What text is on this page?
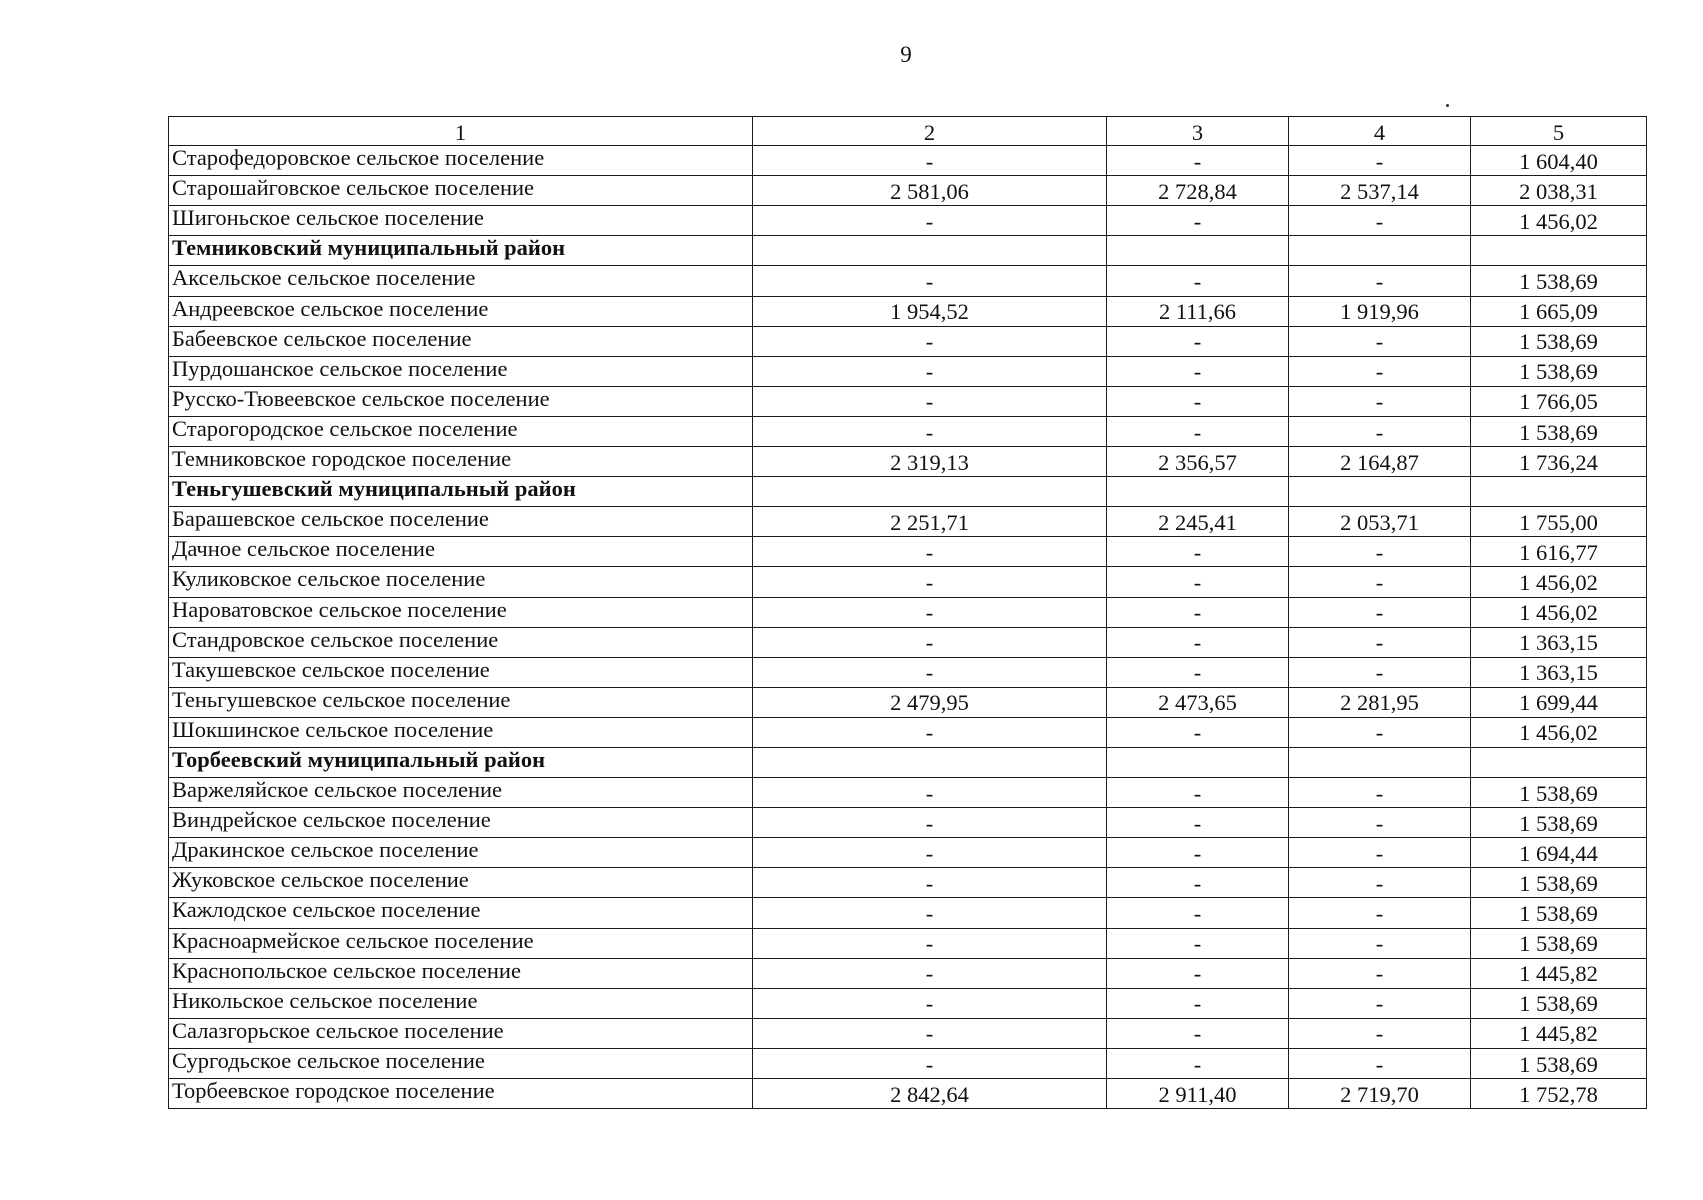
9
1	2	3	4	5
Старофедоровское сельское поселение	-	-	-	1 604,40
Старошайговское сельское поселение	2 581,06	2 728,84	2 537,14	2 038,31
Шигоньское сельское поселение	-	-	-	1 456,02
Темниковский муниципальный район				
Аксельское сельское поселение	-	-	-	1 538,69
Андреевское сельское поселение	1 954,52	2 111,66	1 919,96	1 665,09
Бабеевское сельское поселение	-	-	-	1 538,69
Пурдошанское сельское поселение	-	-	-	1 538,69
Русско-Тювеевское сельское поселение	-	-	-	1 766,05
Старогородское сельское поселение	-	-	-	1 538,69
Темниковское городское поселение	2 319,13	2 356,57	2 164,87	1 736,24
Теньгушевский муниципальный район				
Барашевское сельское поселение	2 251,71	2 245,41	2 053,71	1 755,00
Дачное сельское поселение	-	-	-	1 616,77
Куликовское сельское поселение	-	-	-	1 456,02
Нароватовское сельское поселение	-	-	-	1 456,02
Стандровское сельское поселение	-	-	-	1 363,15
Такушевское сельское поселение	-	-	-	1 363,15
Теньгушевское сельское поселение	2 479,95	2 473,65	2 281,95	1 699,44
Шокшинское сельское поселение	-	-	-	1 456,02
Торбеевский муниципальный район				
Варжеляйское сельское поселение	-	-	-	1 538,69
Виндрейское сельское поселение	-	-	-	1 538,69
Дракинское сельское поселение	-	-	-	1 694,44
Жуковское сельское поселение	-	-	-	1 538,69
Кажлодское сельское поселение	-	-	-	1 538,69
Красноармейское сельское поселение	-	-	-	1 538,69
Краснопольское сельское поселение	-	-	-	1 445,82
Никольское сельское поселение	-	-	-	1 538,69
Салазгорьское сельское поселение	-	-	-	1 445,82
Сургодьское сельское поселение	-	-	-	1 538,69
Торбеевское городское поселение	2 842,64	2 911,40	2 719,70	1 752,78
